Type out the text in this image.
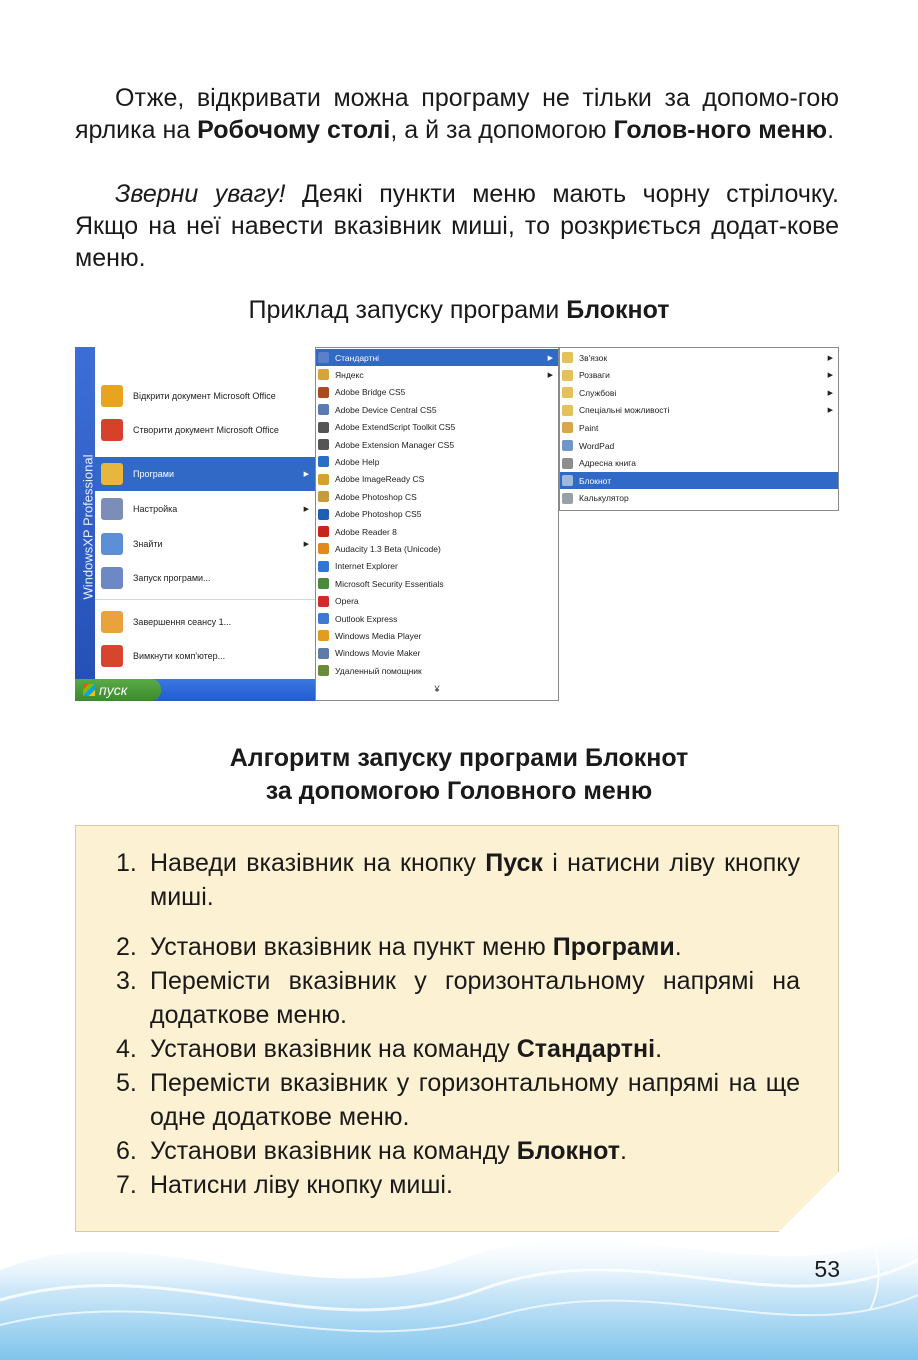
Отже, відкривати можна програму не тільки за допомо-гою ярлика на Робочому столі, а й за допомогою Голов-ного меню.
Зверни увагу! Деякі пункти меню мають чорну стрілочку. Якщо на неї навести вказівник миші, то розкриється додат-кове меню.
Приклад запуску програми Блокнот
WindowsXP Professional
Відкрити документ Microsoft Office
Створити документ Microsoft Office
Програми	▶
Настройка	▶
Знайти	▶
Запуск програми...
Завершення сеансу 1...
Вимкнути комп'ютер...
пуск
Стандартні	▶
Яндекс	▶
Adobe Bridge CS5
Adobe Device Central CS5
Adobe ExtendScript Toolkit CS5
Adobe Extension Manager CS5
Adobe Help
Adobe ImageReady CS
Adobe Photoshop CS
Adobe Photoshop CS5
Adobe Reader 8
Audacity 1.3 Beta (Unicode)
Internet Explorer
Microsoft Security Essentials
Opera
Outlook Express
Windows Media Player
Windows Movie Maker
Удаленный помощник
¥
Зв'язок	▶
Розваги	▶
Службові	▶
Спеціальні можливості	▶
Paint
WordPad
Адресна книга
Блокнот
Калькулятор
Алгоритм запуску програми Блокнот
за допомогою Головного меню
1. Наведи вказівник на кнопку Пуск і натисни ліву кнопку миші.
2. Установи вказівник на пункт меню Програми.
3. Перемісти вказівник у горизонтальному напрямі на додаткове меню.
4. Установи вказівник на команду Стандартні.
5. Перемісти вказівник у горизонтальному напрямі на ще одне додаткове меню.
6. Установи вказівник на команду Блокнот.
7. Натисни ліву кнопку миші.
53
